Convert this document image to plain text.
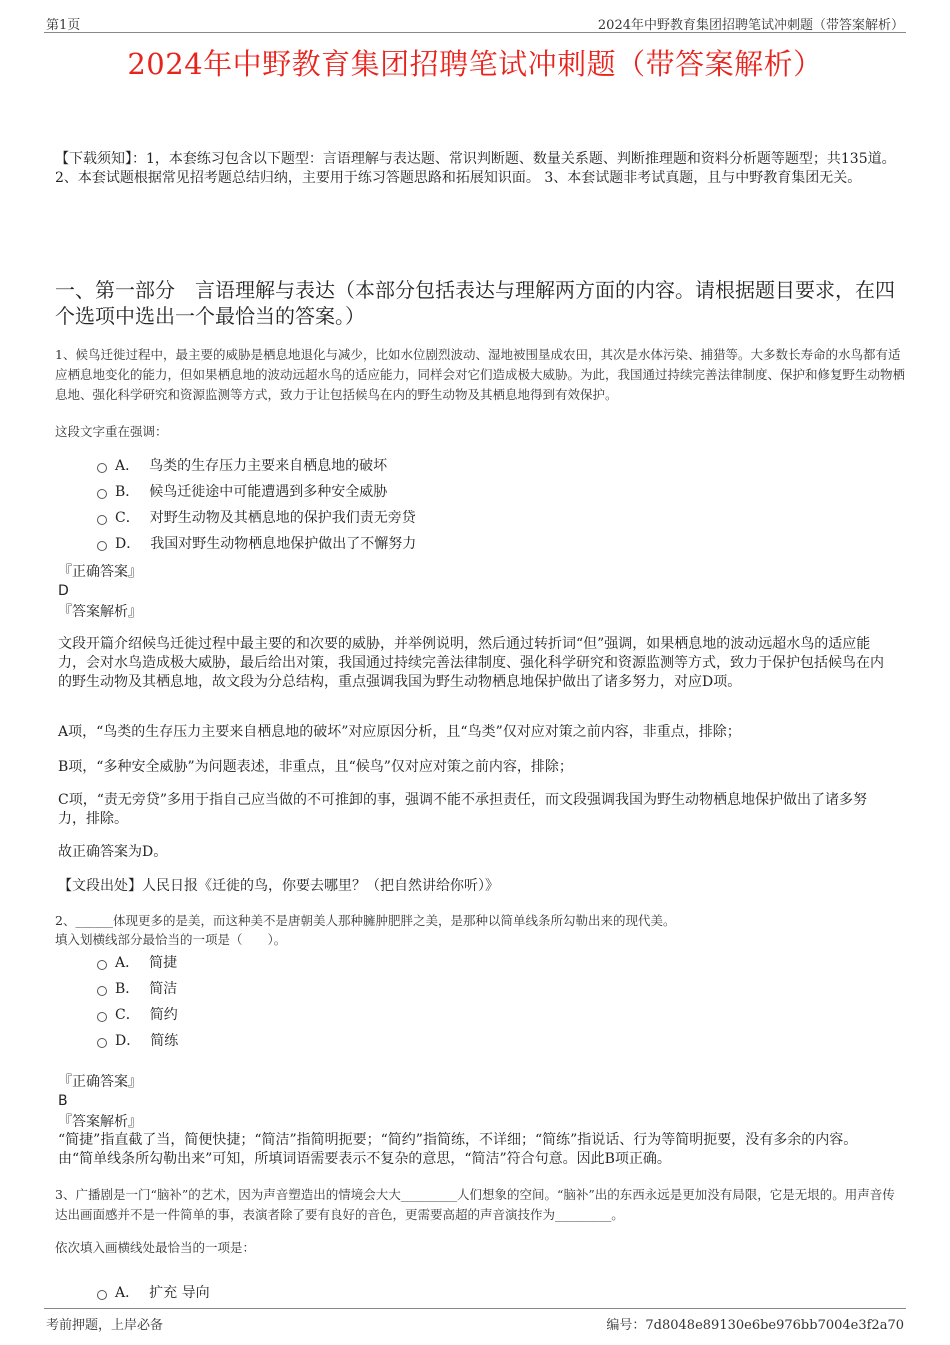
第1页	2024年中野教育集团招聘笔试冲刺题（带答案解析）
2024年中野教育集团招聘笔试冲刺题（带答案解析）
【下载须知】：1，本套练习包含以下题型：言语理解与表达题、常识判断题、数量关系题、判断推理题和资料分析题等题型；共135道。 2、本套试题根据常见招考题总结归纳，主要用于练习答题思路和拓展知识面。 3、本套试题非考试真题，且与中野教育集团无关。
一、第一部分　言语理解与表达（本部分包括表达与理解两方面的内容。请根据题目要求，在四个选项中选出一个最恰当的答案。）
1、候鸟迁徙过程中，最主要的威胁是栖息地退化与减少，比如水位剧烈波动、湿地被围垦成农田，其次是水体污染、捕猎等。大多数长寿命的水鸟都有适应栖息地变化的能力，但如果栖息地的波动远超水鸟的适应能力，同样会对它们造成极大威胁。为此，我国通过持续完善法律制度、保护和修复野生动物栖息地、强化科学研究和资源监测等方式，致力于让包括候鸟在内的野生动物及其栖息地得到有效保护。
这段文字重在强调：
A． 鸟类的生存压力主要来自栖息地的破坏
B． 候鸟迁徙途中可能遭遇到多种安全威胁
C． 对野生动物及其栖息地的保护我们责无旁贷
D． 我国对野生动物栖息地保护做出了不懈努力
『正确答案』
D
『答案解析』
文段开篇介绍候鸟迁徙过程中最主要的和次要的威胁，并举例说明，然后通过转折词“但”强调，如果栖息地的波动远超水鸟的适应能力，会对水鸟造成极大威胁，最后给出对策，我国通过持续完善法律制度、强化科学研究和资源监测等方式，致力于保护包括候鸟在内的野生动物及其栖息地，故文段为分总结构，重点强调我国为野生动物栖息地保护做出了诸多努力，对应D项。
A项，“鸟类的生存压力主要来自栖息地的破坏”对应原因分析，且“鸟类”仅对应对策之前内容，非重点，排除；
B项，“多种安全威胁”为问题表述，非重点，且“候鸟”仅对应对策之前内容，排除；
C项，“责无旁贷”多用于指自己应当做的不可推卸的事，强调不能不承担责任，而文段强调我国为野生动物栖息地保护做出了诸多努力，排除。
故正确答案为D。
【文段出处】人民日报《迁徙的鸟，你要去哪里？（把自然讲给你听）》
2、______体现更多的是美，而这种美不是唐朝美人那种臃肿肥胖之美，是那种以简单线条所勾勒出来的现代美。
填入划横线部分最恰当的一项是（　　）。
A． 简捷
B． 简洁
C． 简约
D． 简练
『正确答案』
B
『答案解析』
“简捷”指直截了当，简便快捷；“简洁”指简明扼要；“简约”指简练，不详细；“简练”指说话、行为等简明扼要，没有多余的内容。由“简单线条所勾勒出来”可知，所填词语需要表示不复杂的意思，“简洁”符合句意。因此B项正确。
3、广播剧是一门“脑补”的艺术，因为声音塑造出的情境会大大_________人们想象的空间。“脑补”出的东西永远是更加没有局限，它是无垠的。用声音传达出画面感并不是一件简单的事，表演者除了要有良好的音色，更需要高超的声音演技作为_________。
依次填入画横线处最恰当的一项是：
A． 扩充 导向
考前押题，上岸必备	编号：7d8048e89130e6be976bb7004e3f2a70
